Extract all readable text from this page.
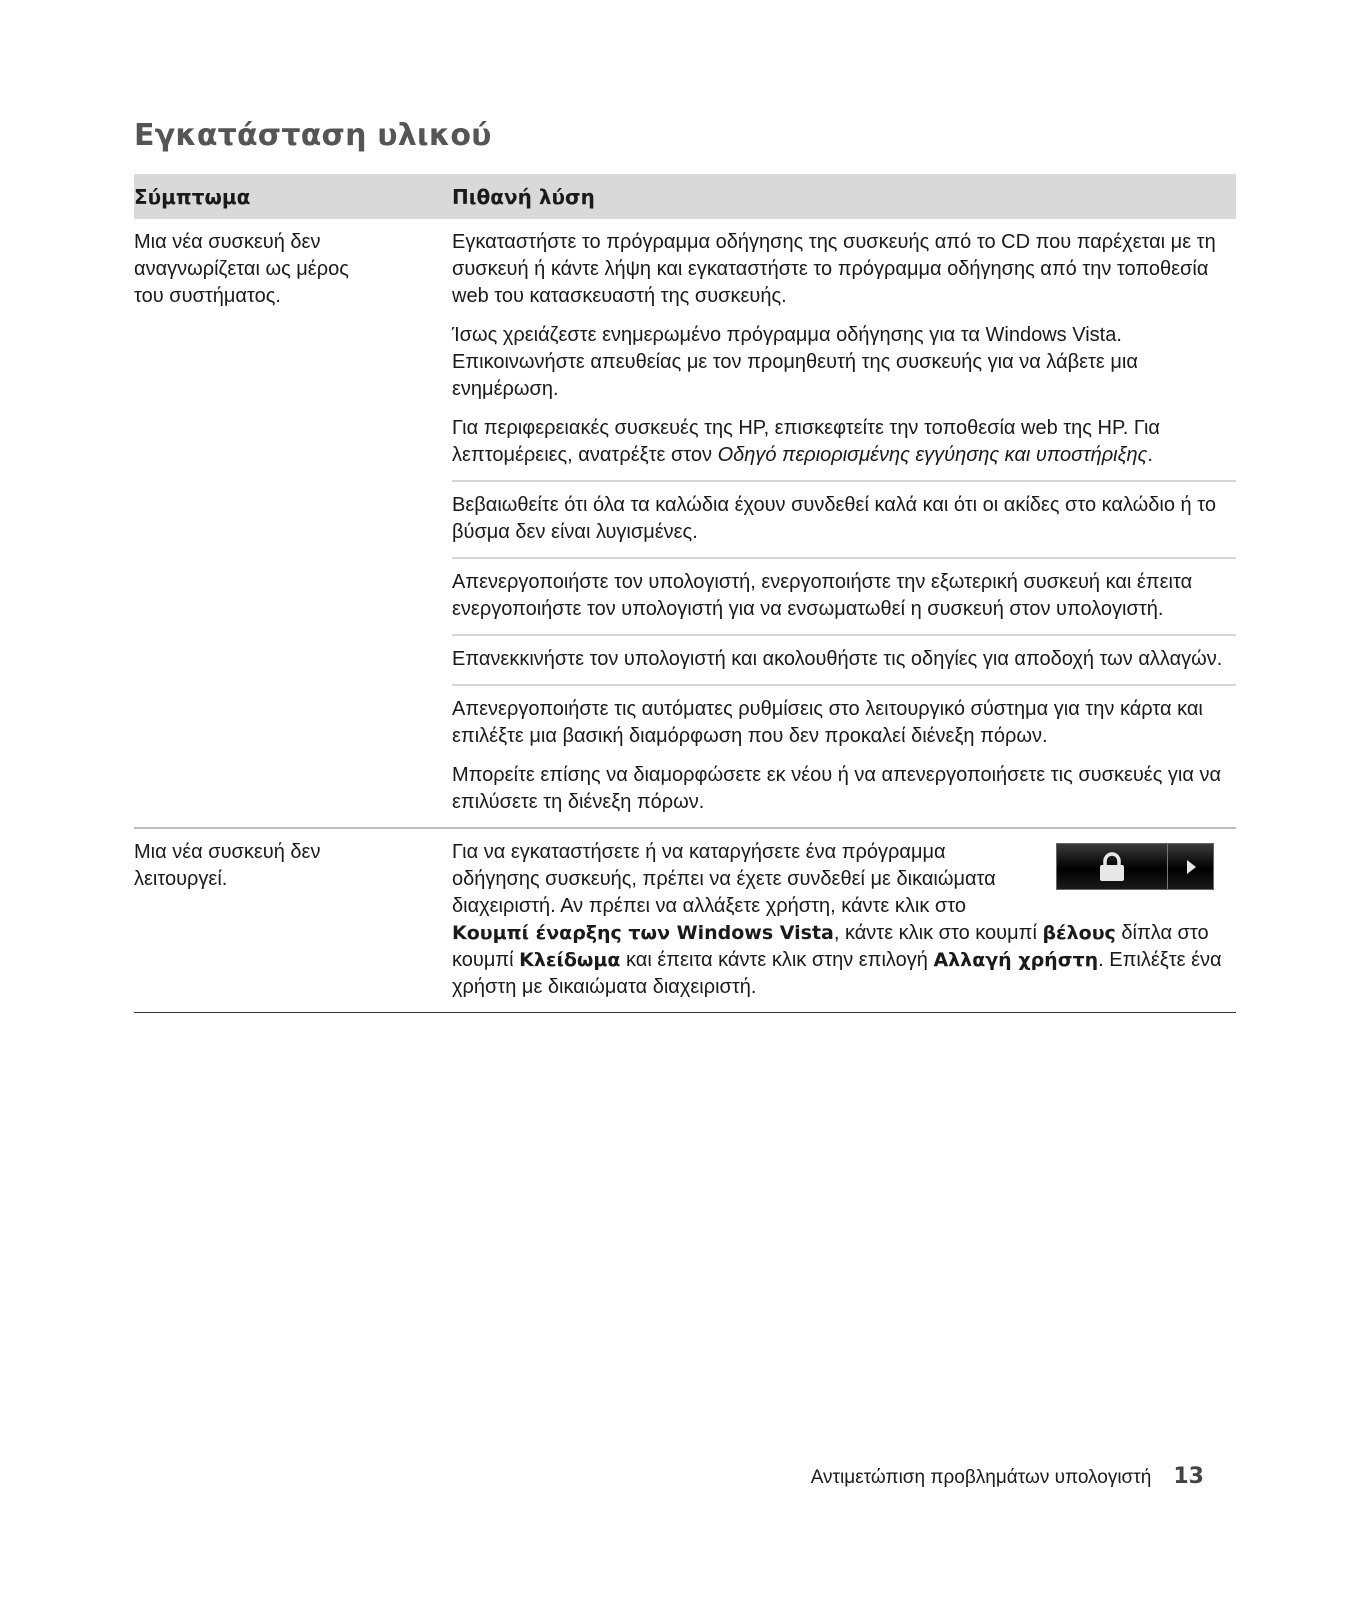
Εγκατάσταση υλικού
Σύμπτωμα	Πιθανή λύση

Μια νέα συσκευή δεν αναγνωρίζεται ως μέρος του συστήματος.

Εγκαταστήστε το πρόγραμμα οδήγησης της συσκευής από το CD που παρέχεται με τη συσκευή ή κάντε λήψη και εγκαταστήστε το πρόγραμμα οδήγησης από την τοποθεσία web του κατασκευαστή της συσκευής.

Ίσως χρειάζεστε ενημερωμένο πρόγραμμα οδήγησης για τα Windows Vista. Επικοινωνήστε απευθείας με τον προμηθευτή της συσκευής για να λάβετε μια ενημέρωση.

Για περιφερειακές συσκευές της HP, επισκεφτείτε την τοποθεσία web της HP. Για λεπτομέρειες, ανατρέξτε στον Οδηγό περιορισμένης εγγύησης και υποστήριξης.

Βεβαιωθείτε ότι όλα τα καλώδια έχουν συνδεθεί καλά και ότι οι ακίδες στο καλώδιο ή το βύσμα δεν είναι λυγισμένες.

Απενεργοποιήστε τον υπολογιστή, ενεργοποιήστε την εξωτερική συσκευή και έπειτα ενεργοποιήστε τον υπολογιστή για να ενσωματωθεί η συσκευή στον υπολογιστή.

Επανεκκινήστε τον υπολογιστή και ακολουθήστε τις οδηγίες για αποδοχή των αλλαγών.

Απενεργοποιήστε τις αυτόματες ρυθμίσεις στο λειτουργικό σύστημα για την κάρτα και επιλέξτε μια βασική διαμόρφωση που δεν προκαλεί διένεξη πόρων.

Μπορείτε επίσης να διαμορφώσετε εκ νέου ή να απενεργοποιήσετε τις συσκευές για να επιλύσετε τη διένεξη πόρων.

Μια νέα συσκευή δεν λειτουργεί.

Για να εγκαταστήσετε ή να καταργήσετε ένα πρόγραμμα οδήγησης συσκευής, πρέπει να έχετε συνδεθεί με δικαιώματα διαχειριστή. Αν πρέπει να αλλάξετε χρήστη, κάντε κλικ στο Κουμπί έναρξης των Windows Vista, κάντε κλικ στο κουμπί βέλους δίπλα στο κουμπί Κλείδωμα και έπειτα κάντε κλικ στην επιλογή Αλλαγή χρήστη. Επιλέξτε ένα χρήστη με δικαιώματα διαχειριστή.

Αντιμετώπιση προβλημάτων υπολογιστή 13
